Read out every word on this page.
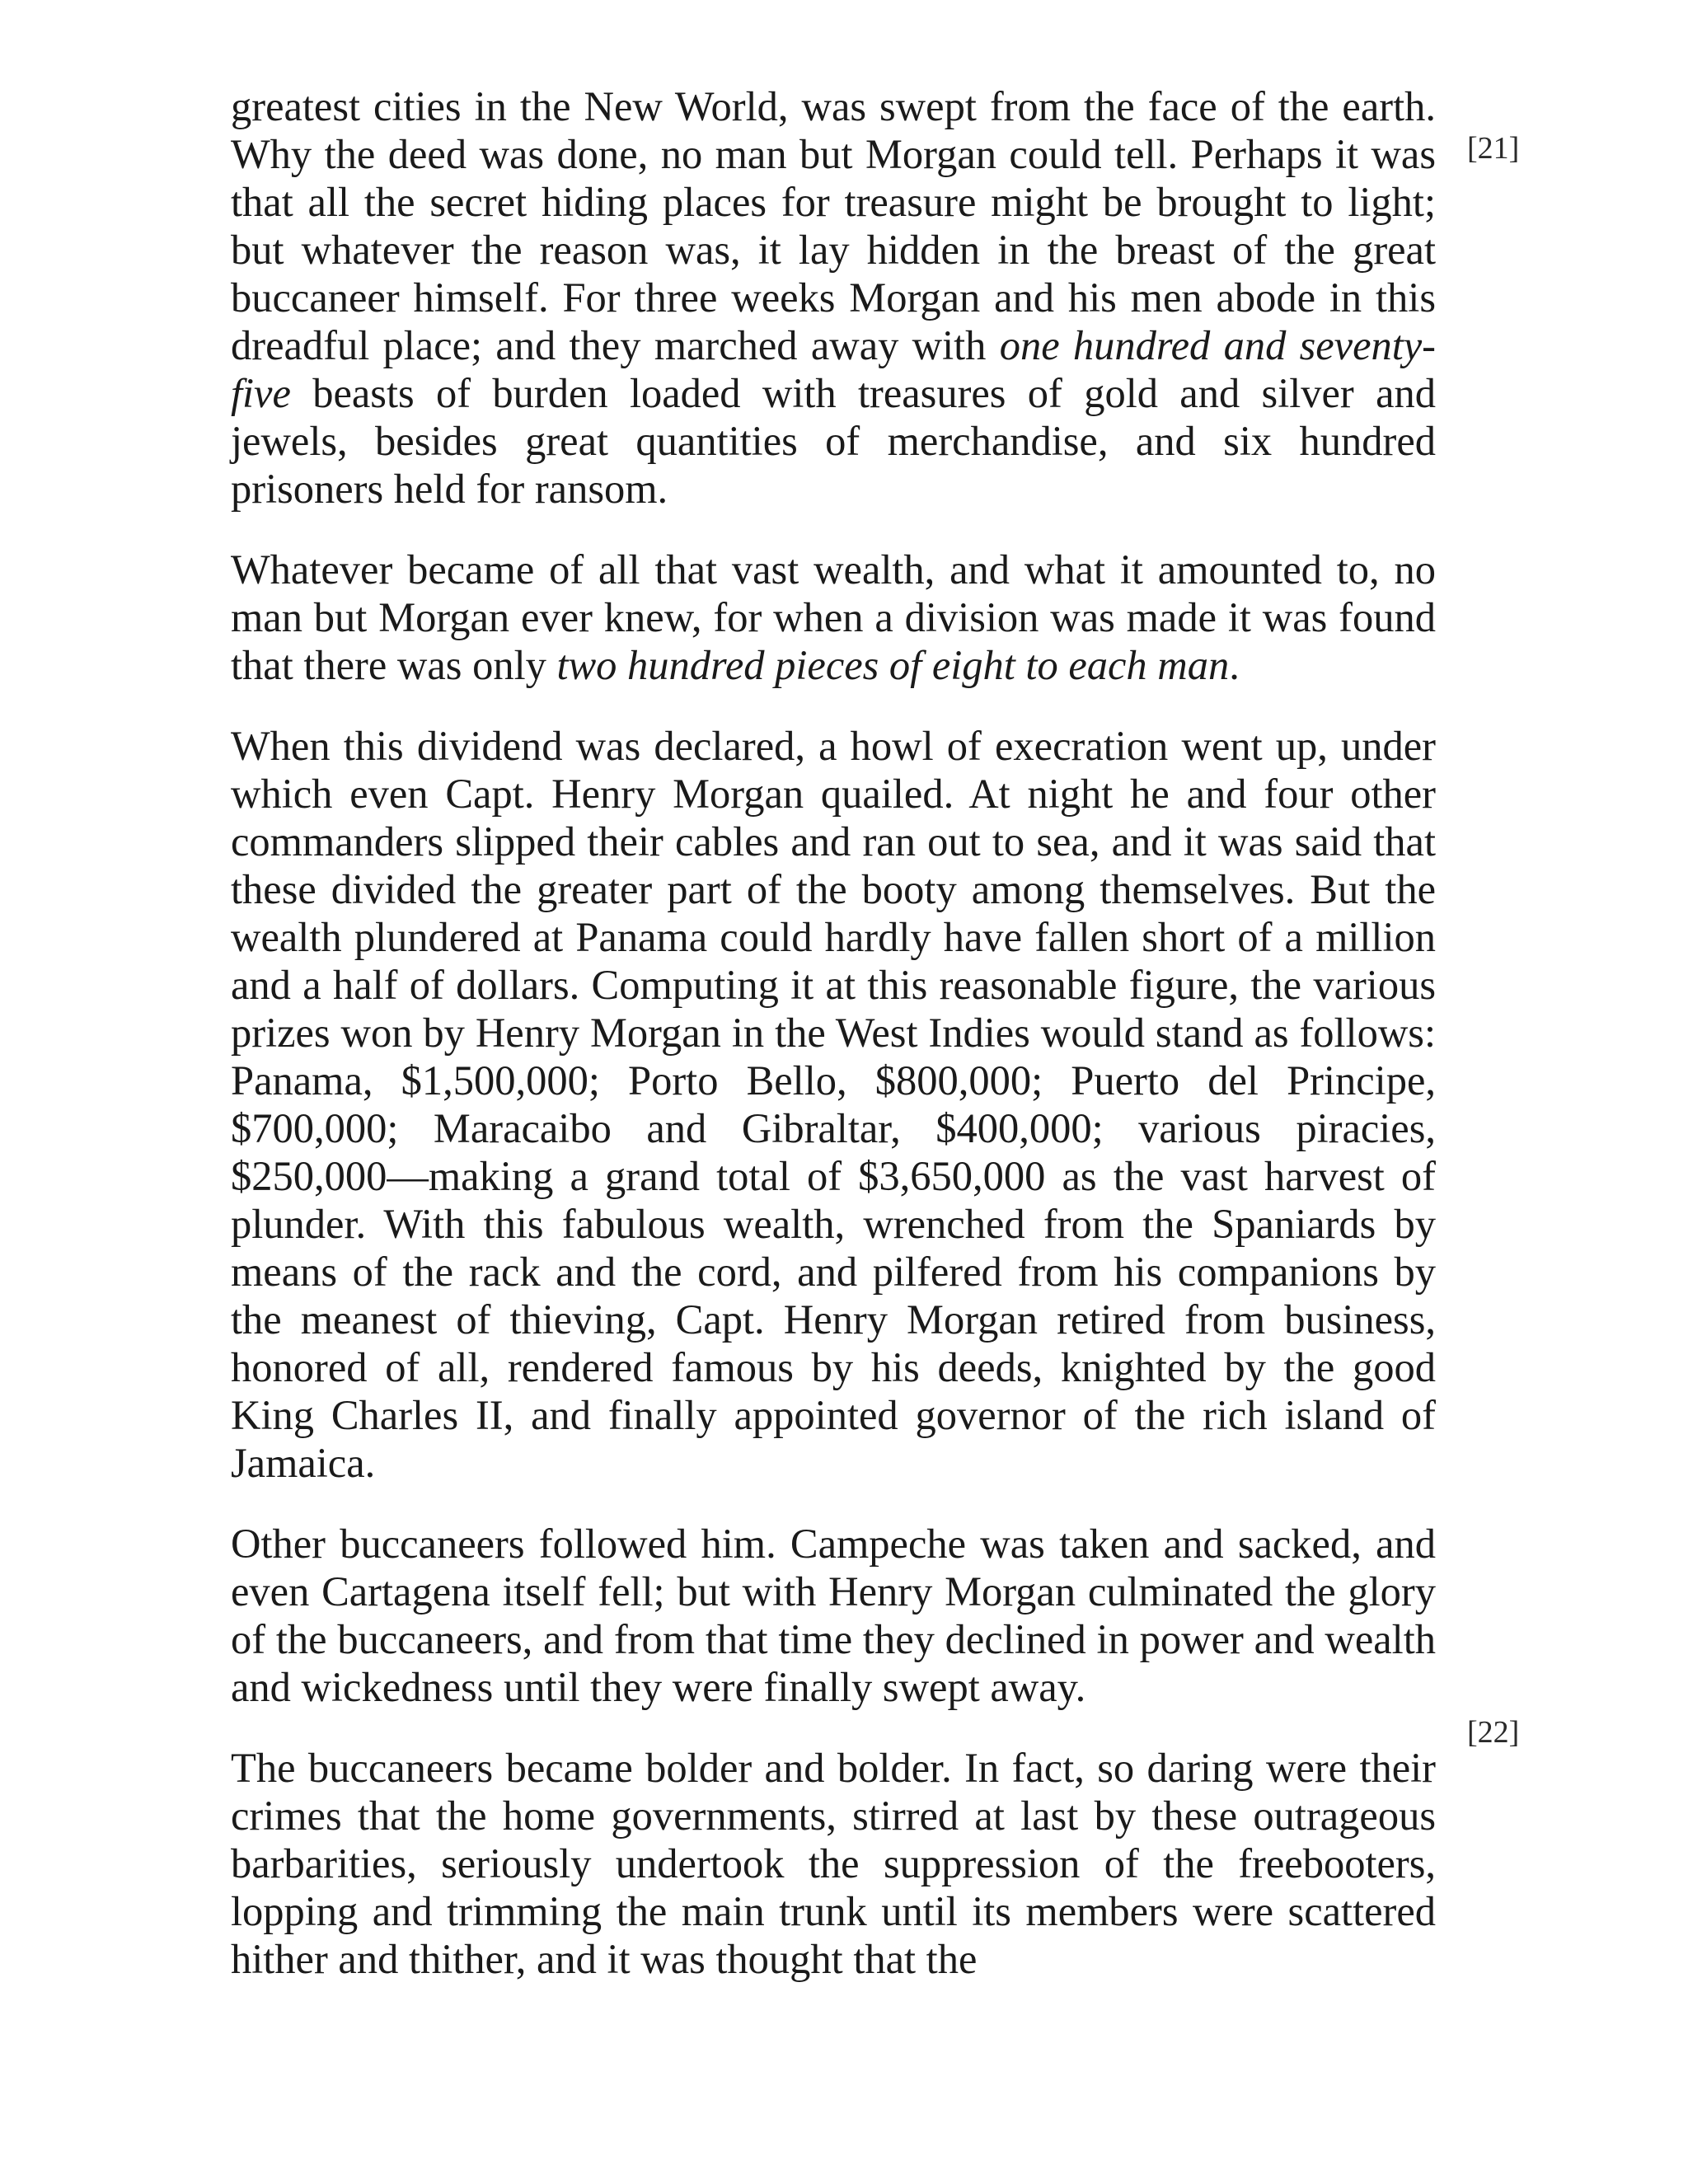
greatest cities in the New World, was swept from the face of the earth. Why the deed was done, no man but Morgan could tell. Perhaps it was that all the secret hiding places for treasure might be brought to light; but whatever the reason was, it lay hidden in the breast of the great buccaneer himself. For three weeks Morgan and his men abode in this dreadful place; and they marched away with one hundred and seventy-five beasts of burden loaded with treasures of gold and silver and jewels, besides great quantities of merchandise, and six hundred prisoners held for ransom.

Whatever became of all that vast wealth, and what it amounted to, no man but Morgan ever knew, for when a division was made it was found that there was only two hundred pieces of eight to each man.

When this dividend was declared, a howl of execration went up, under which even Capt. Henry Morgan quailed. At night he and four other commanders slipped their cables and ran out to sea, and it was said that these divided the greater part of the booty among themselves. But the wealth plundered at Panama could hardly have fallen short of a million and a half of dollars. Computing it at this reasonable figure, the various prizes won by Henry Morgan in the West Indies would stand as follows: Panama, $1,500,000; Porto Bello, $800,000; Puerto del Principe, $700,000; Maracaibo and Gibraltar, $400,000; various piracies, $250,000—making a grand total of $3,650,000 as the vast harvest of plunder. With this fabulous wealth, wrenched from the Spaniards by means of the rack and the cord, and pilfered from his companions by the meanest of thieving, Capt. Henry Morgan retired from business, honored of all, rendered famous by his deeds, knighted by the good King Charles II, and finally appointed governor of the rich island of Jamaica.

Other buccaneers followed him. Campeche was taken and sacked, and even Cartagena itself fell; but with Henry Morgan culminated the glory of the buccaneers, and from that time they declined in power and wealth and wickedness until they were finally swept away.

The buccaneers became bolder and bolder. In fact, so daring were their crimes that the home governments, stirred at last by these outrageous barbarities, seriously undertook the suppression of the freebooters, lopping and trimming the main trunk until its members were scattered hither and thither, and it was thought that the

[21]
[22]
